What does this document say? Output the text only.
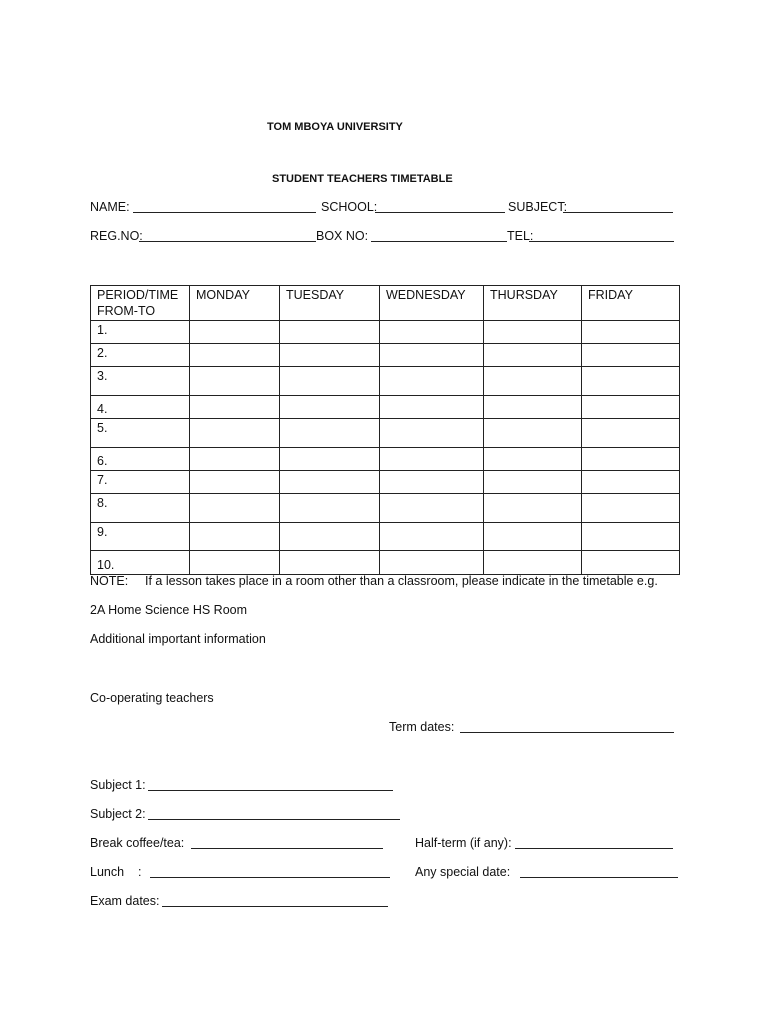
TOM MBOYA UNIVERSITY
STUDENT TEACHERS TIMETABLE
NAME:	SCHOOL:	SUBJECT:
REG.NO:	BOX NO:	TEL:
PERIOD/TIME
FROM-TO	MONDAY	TUESDAY	WEDNESDAY	THURSDAY	FRIDAY
1.					
2.					
3.					
4.					
5.					
6.					
7.					
8.					
9.					
10.					
NOTE: If a lesson takes place in a room other than a classroom, please indicate in the timetable e.g.
2A Home Science HS Room
Additional important information
Co-operating teachers
Term dates:
Subject 1:
Subject 2:
Break coffee/tea:	Half-term (if any):
Lunch    :	Any special date:
Exam dates:
